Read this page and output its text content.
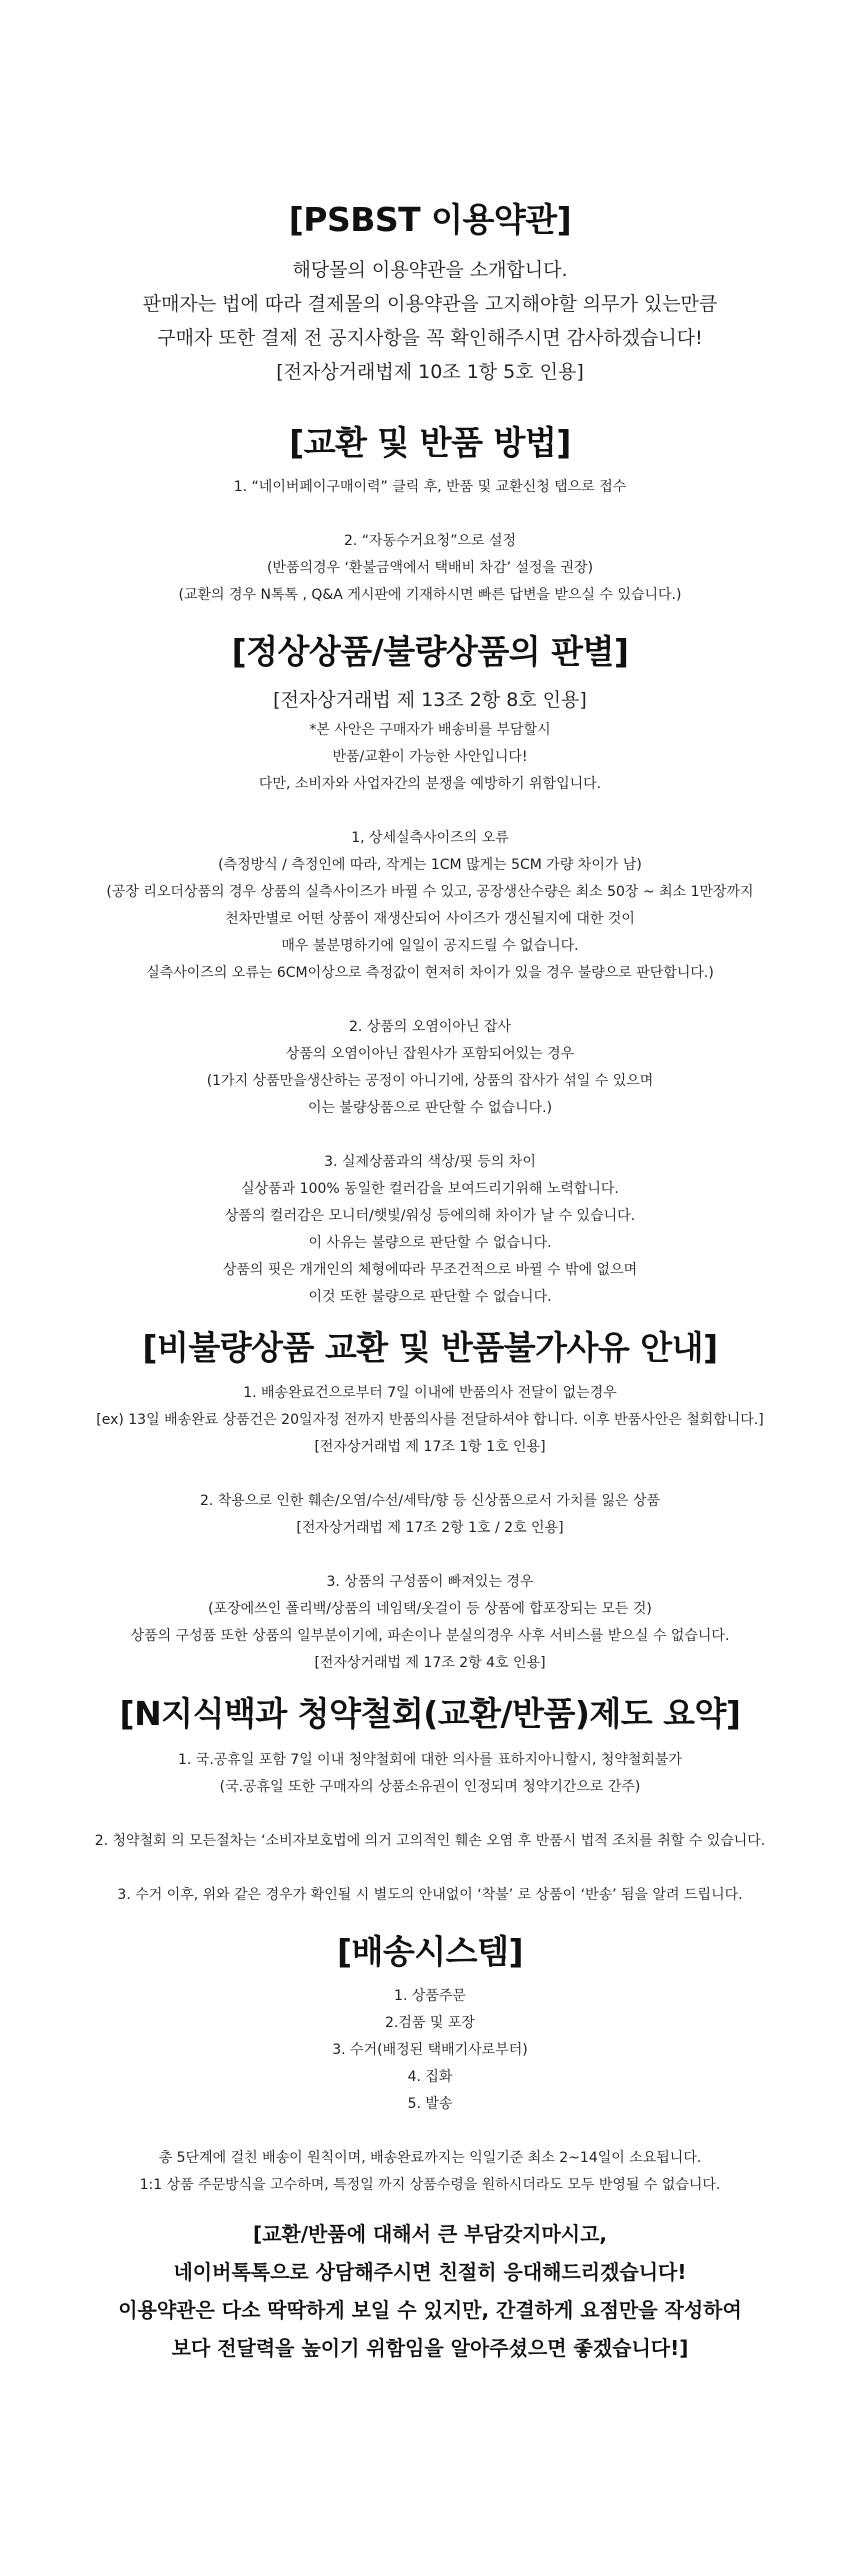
[PSBST 이용약관]
해당몰의 이용약관을 소개합니다.
판매자는 법에 따라 결제몰의 이용약관을 고지해야할 의무가 있는만큼
구매자 또한 결제 전 공지사항을 꼭 확인해주시면 감사하겠습니다!
[전자상거래법제 10조 1항 5호 인용]
[교환 및 반품 방법]
1. “네이버페이구매이력” 클릭 후, 반품 및 교환신청 탭으로 접수
2. “자동수거요청”으로 설정
(반품의경우 ‘환불금액에서 택배비 차감’ 설정을 권장)
(교환의 경우 N톡톡 , Q&A 게시판에 기재하시면 빠른 답변을 받으실 수 있습니다.)
[정상상품/불량상품의 판별]
[전자상거래법 제 13조 2항 8호 인용]
*본 사안은 구매자가 배송비를 부담할시
반품/교환이 가능한 사안입니다!
다만, 소비자와 사업자간의 분쟁을 예방하기 위함입니다.
1, 상세실측사이즈의 오류
(측정방식 / 측정인에 따라, 작게는 1CM 많게는 5CM 가량 차이가 남)
(공장 리오더상품의 경우 상품의 실측사이즈가 바뀔 수 있고, 공장생산수량은 최소 50장 ~ 최소 1만장까지
천차만별로 어떤 상품이 재생산되어 사이즈가 갱신될지에 대한 것이
매우 불분명하기에 일일이 공지드릴 수 없습니다.
실측사이즈의 오류는 6CM이상으로 측정값이 현저히 차이가 있을 경우 불량으로 판단합니다.)
2. 상품의 오염이아닌 잡사
상품의 오염이아닌 잡원사가 포함되어있는 경우
(1가지 상품만을생산하는 공정이 아니기에, 상품의 잡사가 섞일 수 있으며
이는 불량상품으로 판단할 수 없습니다.)
3. 실제상품과의 색상/핏 등의 차이
실상품과 100% 동일한 컬러감을 보여드리기위해 노력합니다.
상품의 컬러감은 모니터/햇빛/워싱 등에의해 차이가 날 수 있습니다.
이 사유는 불량으로 판단할 수 없습니다.
상품의 핏은 개개인의 체형에따라 무조건적으로 바뀔 수 밖에 없으며
이것 또한 불량으로 판단할 수 없습니다.
[비불량상품 교환 및 반품불가사유 안내]
1. 배송완료건으로부터 7일 이내에 반품의사 전달이 없는경우
[ex) 13일 배송완료 상품건은 20일자정 전까지 반품의사를 전달하셔야 합니다. 이후 반품사안은 철회합니다.]
[전자상거래법 제 17조 1항 1호 인용]
2. 착용으로 인한 훼손/오염/수선/세탁/향 등 신상품으로서 가치를 잃은 상품
[전자상거래법 제 17조 2항 1호 / 2호 인용]
3. 상품의 구성품이 빠져있는 경우
(포장에쓰인 폴리백/상품의 네임택/옷걸이 등 상품에 합포장되는 모든 것)
상품의 구성품 또한 상품의 일부분이기에, 파손이나 분실의경우 사후 서비스를 받으실 수 없습니다.
[전자상거래법 제 17조 2항 4호 인용]
[N지식백과 청약철회(교환/반품)제도 요약]
1. 국.공휴일 포함 7일 이내 청약철회에 대한 의사를 표하지아니할시, 청약철회불가
(국.공휴일 또한 구매자의 상품소유권이 인정되며 청약기간으로 간주)
2. 청약철회 의 모든절차는 ‘소비자보호법에 의거 고의적인 훼손 오염 후 반품시 법적 조치를 취할 수 있습니다.
3. 수거 이후, 위와 같은 경우가 확인될 시 별도의 안내없이 ‘착불’ 로 상품이 ‘반송’ 됨을 알려 드립니다.
[배송시스템]
1. 상품주문
2.검품 및 포장
3. 수거(배정된 택배기사로부터)
4. 집화
5. 발송
총 5단계에 걸친 배송이 원칙이며, 배송완료까지는 익일기준 최소 2~14일이 소요됩니다.
1:1 상품 주문방식을 고수하며, 특정일 까지 상품수령을 원하시더라도 모두 반영될 수 없습니다.
[교환/반품에 대해서 큰 부담갖지마시고,
네이버톡톡으로 상담해주시면 친절히 응대해드리겠습니다!
이용약관은 다소 딱딱하게 보일 수 있지만, 간결하게 요점만을 작성하여
보다 전달력을 높이기 위함임을 알아주셨으면 좋겠습니다!]
